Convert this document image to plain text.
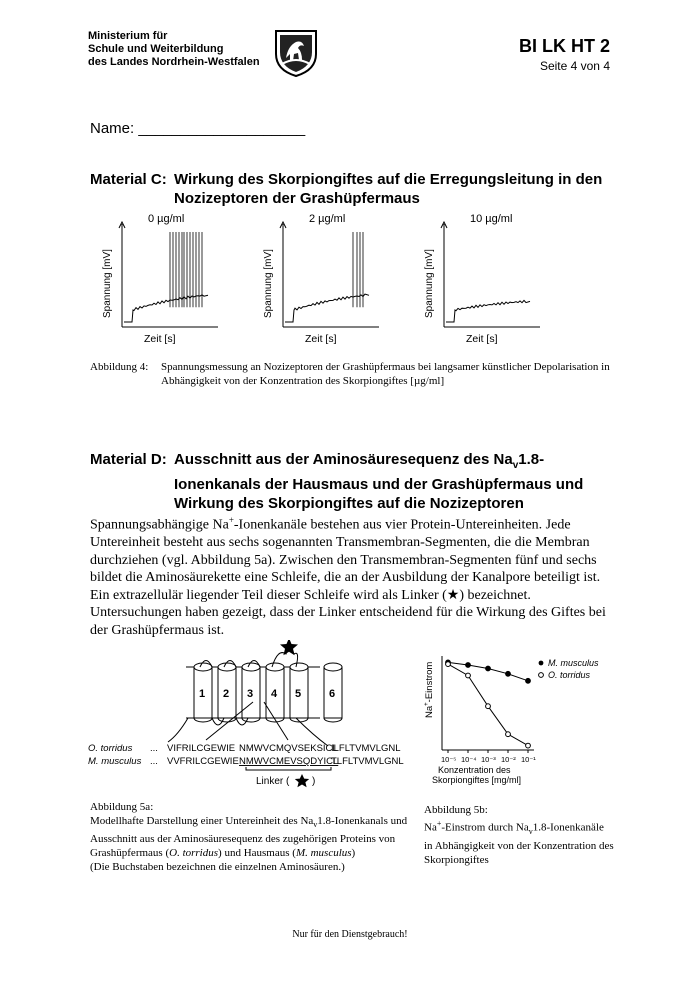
Ministerium für
Schule und Weiterbildung
des Landes Nordrhein-Westfalen
BI LK HT 2
Seite 4 von 4
Name: ____________________
Material C: Wirkung des Skorpiongiftes auf die Erregungsleitung in den Nozizeptoren der Grashüpfermaus
0 µg/ml
Spannung [mV]
Zeit [s]
2 µg/ml
Spannung [mV]
Zeit [s]
10 µg/ml
Spannung [mV]
Zeit [s]
Abbildung 4: Spannungsmessung an Nozizeptoren der Grashüpfermaus bei langsamer künstlicher Depolarisation in Abhängigkeit von der Konzentration des Skorpiongiftes [µg/ml]
Material D: Ausschnitt aus der Aminosäuresequenz des $Na_v1.8$-Ionenkanals der Hausmaus und der Grashüpfermaus und Wirkung des Skorpiongiftes auf die Nozizeptoren
Spannungsabhängige Na+-Ionenkanäle bestehen aus vier Protein-Untereinheiten. Jede Untereinheit besteht aus sechs sogenannten Transmembran-Segmenten, die die Membran durchziehen (vgl. Abbildung 5a). Zwischen den Transmembran-Segmenten fünf und sechs bildet die Aminosäurekette eine Schleife, die an der Ausbildung der Kanalpore beteiligt ist. Ein extrazellulär liegender Teil dieser Schleife wird als Linker (★) bezeichnet. Untersuchungen haben gezeigt, dass der Linker entscheidend für die Wirkung des Giftes bei der Grashüpfermaus ist.
1 2 3 4 5	6
O. torridus ... VIFRILCGEWIE NMWVCMQVSEKSICL
ILFLTVMVLGNL
M. musculus ... VVFRILCGEWIE NMWVCMEVSQDYICL
TLFLTVMVLGNL
Linker ( )
Na+-Einstrom
10⁻⁵ 10⁻⁴ 10⁻³ 10⁻² 10⁻¹
Konzentration des
Skorpiongiftes [mg/ml]
M. musculus
O. torridus
Abbildung 5a:
Modellhafte Darstellung einer Untereinheit des $Na_v1.8$-Ionenkanals und Ausschnitt aus der Aminosäuresequenz des zugehörigen Proteins von Grashüpfermaus (O. torridus) und Hausmaus (M. musculus)
(Die Buchstaben bezeichnen die einzelnen Aminosäuren.)
Abbildung 5b:
Na+-Einstrom durch $Na_v1.8$-Ionenkanäle in Abhängigkeit von der Konzentration des Skorpiongiftes
Nur für den Dienstgebrauch!
